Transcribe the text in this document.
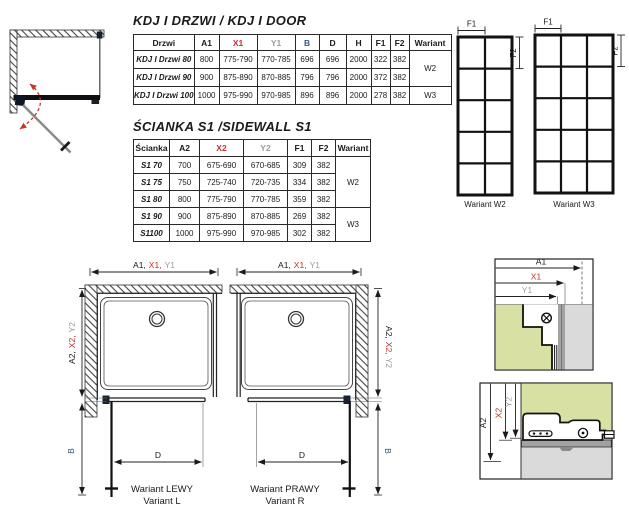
KDJ I DRZWI / KDJ I DOOR
Drzwi	A1	X1	Y1	B	D	H	F1	F2	Wariant
KDJ I Drzwi 80	800	775-790	770-785	696	696	2000	322	382	W2
KDJ I Drzwi 90	900	875-890	870-885	796	796	2000	372	382	
KDJ I Drzwi 100	1000	975-990	970-985	896	896	2000	278	382	W3
ŚCIANKA S1 /SIDEWALL S1
Ścianka	A2	X2	Y2	F1	F2	Wariant
S1 70	700	675-690	670-685	309	382	W2
S1 75	750	725-740	720-735	334	382	
S1 80	800	775-790	770-785	359	382	
S1 90	900	875-890	870-885	269	382	W3
S1100	1000	975-990	970-985	302	382	
F1
F2
Wariant W2
F1
F2
Wariant W3
A1, X1, Y1
A2,X2,Y2
B	D
Wariant LEWY
Variant L
A1, X1, Y1
A2,X2,Y2
B
D
Wariant PRAWY
Variant R
A1
X1
Y1
A2
X2
Y2
